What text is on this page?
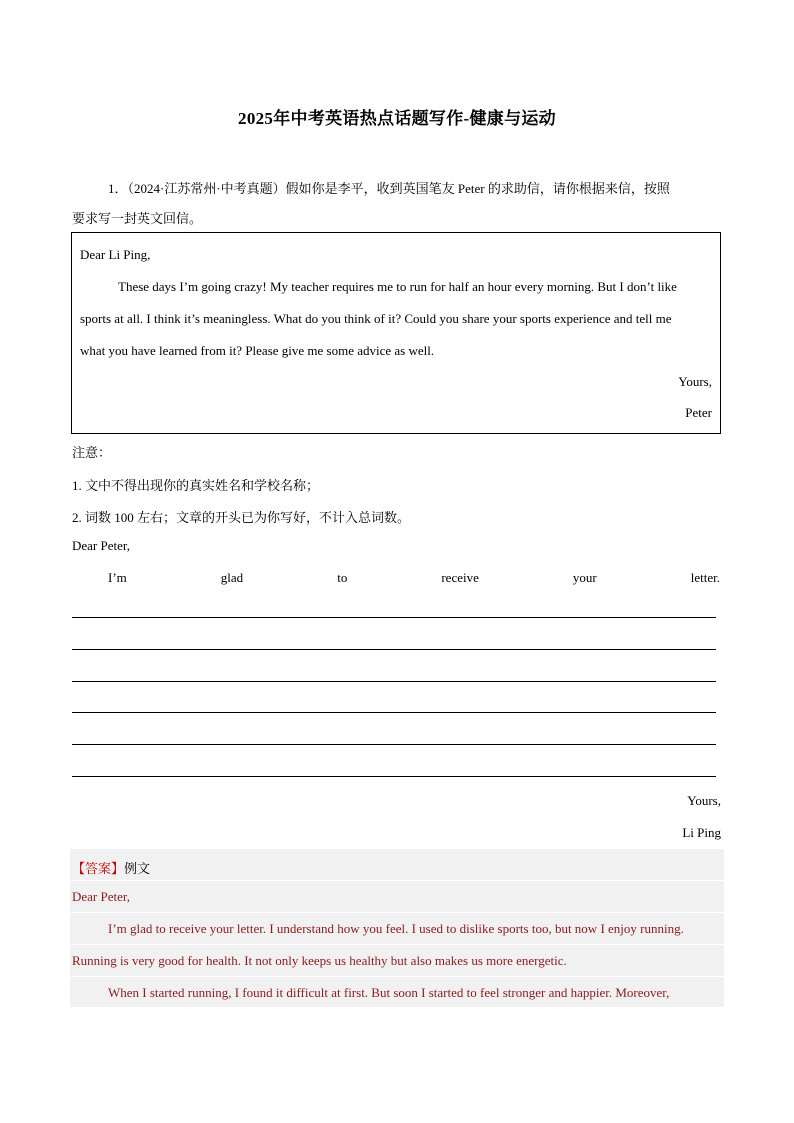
2025年中考英语热点话题写作-健康与运动
1．（2024·江苏常州·中考真题）假如你是李平，收到英国笔友 Peter 的求助信，请你根据来信，按照
要求写一封英文回信。
Dear Li Ping,
These days I’m going crazy! My teacher requires me to run for half an hour every morning. But I don’t like
sports at all. I think it’s meaningless. What do you think of it? Could you share your sports experience and tell me
what you have learned from it? Please give me some advice as well.
Yours,
Peter
注意：
1. 文中不得出现你的真实姓名和学校名称；
2. 词数 100 左右；文章的开头已为你写好，不计入总词数。
Dear Peter,
I’m	glad	to	receive	your	letter.
Yours,
Li Ping
【答案】例文
Dear Peter,
I’m glad to receive your letter. I understand how you feel. I used to dislike sports too, but now I enjoy running.
Running is very good for health. It not only keeps us healthy but also makes us more energetic.
When I started running, I found it difficult at first. But soon I started to feel stronger and happier. Moreover,
